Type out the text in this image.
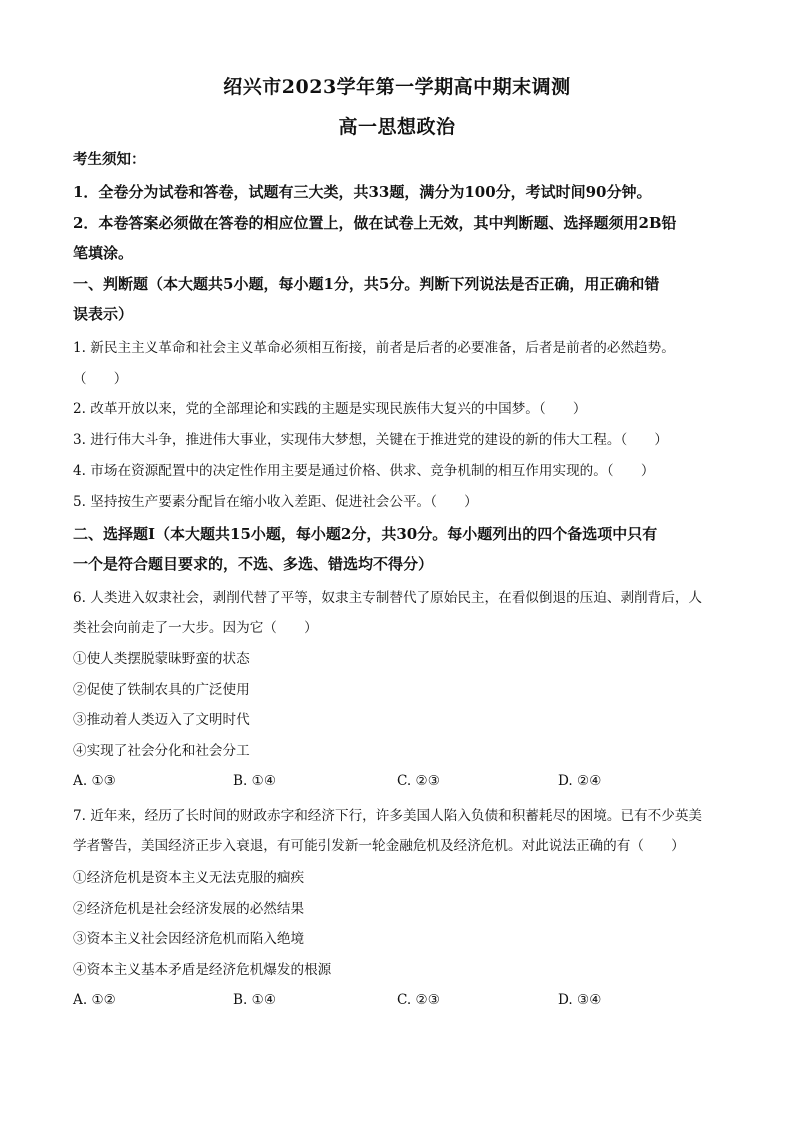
绍兴市2023学年第一学期高中期末调测
高一思想政治
考生须知：
1．全卷分为试卷和答卷，试题有三大类，共33题，满分为100分，考试时间90分钟。
2．本卷答案必须做在答卷的相应位置上，做在试卷上无效，其中判断题、选择题须用2B铅
笔填涂。
一、判断题（本大题共5小题，每小题1分，共5分。判断下列说法是否正确，用正确和错
误表示）
1. 新民主主义革命和社会主义革命必须相互衔接，前者是后者的必要准备，后者是前者的必然趋势。
（　　）
2. 改革开放以来，党的全部理论和实践的主题是实现民族伟大复兴的中国梦。（　　）
3. 进行伟大斗争，推进伟大事业，实现伟大梦想，关键在于推进党的建设的新的伟大工程。（　　）
4. 市场在资源配置中的决定性作用主要是通过价格、供求、竞争机制的相互作用实现的。（　　）
5. 坚持按生产要素分配旨在缩小收入差距、促进社会公平。（　　）
二、选择题Ⅰ（本大题共15小题，每小题2分，共30分。每小题列出的四个备选项中只有
一个是符合题目要求的，不选、多选、错选均不得分）
6. 人类进入奴隶社会，剥削代替了平等，奴隶主专制替代了原始民主，在看似倒退的压迫、剥削背后，人
类社会向前走了一大步。因为它（　　）
①使人类摆脱蒙昧野蛮的状态
②促使了铁制农具的广泛使用
③推动着人类迈入了文明时代
④实现了社会分化和社会分工
A. ①③	B. ①④	C. ②③	D. ②④
7. 近年来，经历了长时间的财政赤字和经济下行，许多美国人陷入负债和积蓄耗尽的困境。已有不少英美
学者警告，美国经济正步入衰退，有可能引发新一轮金融危机及经济危机。对此说法正确的有（　　）
①经济危机是资本主义无法克服的痼疾
②经济危机是社会经济发展的必然结果
③资本主义社会因经济危机而陷入绝境
④资本主义基本矛盾是经济危机爆发的根源
A. ①②	B. ①④	C. ②③	D. ③④
